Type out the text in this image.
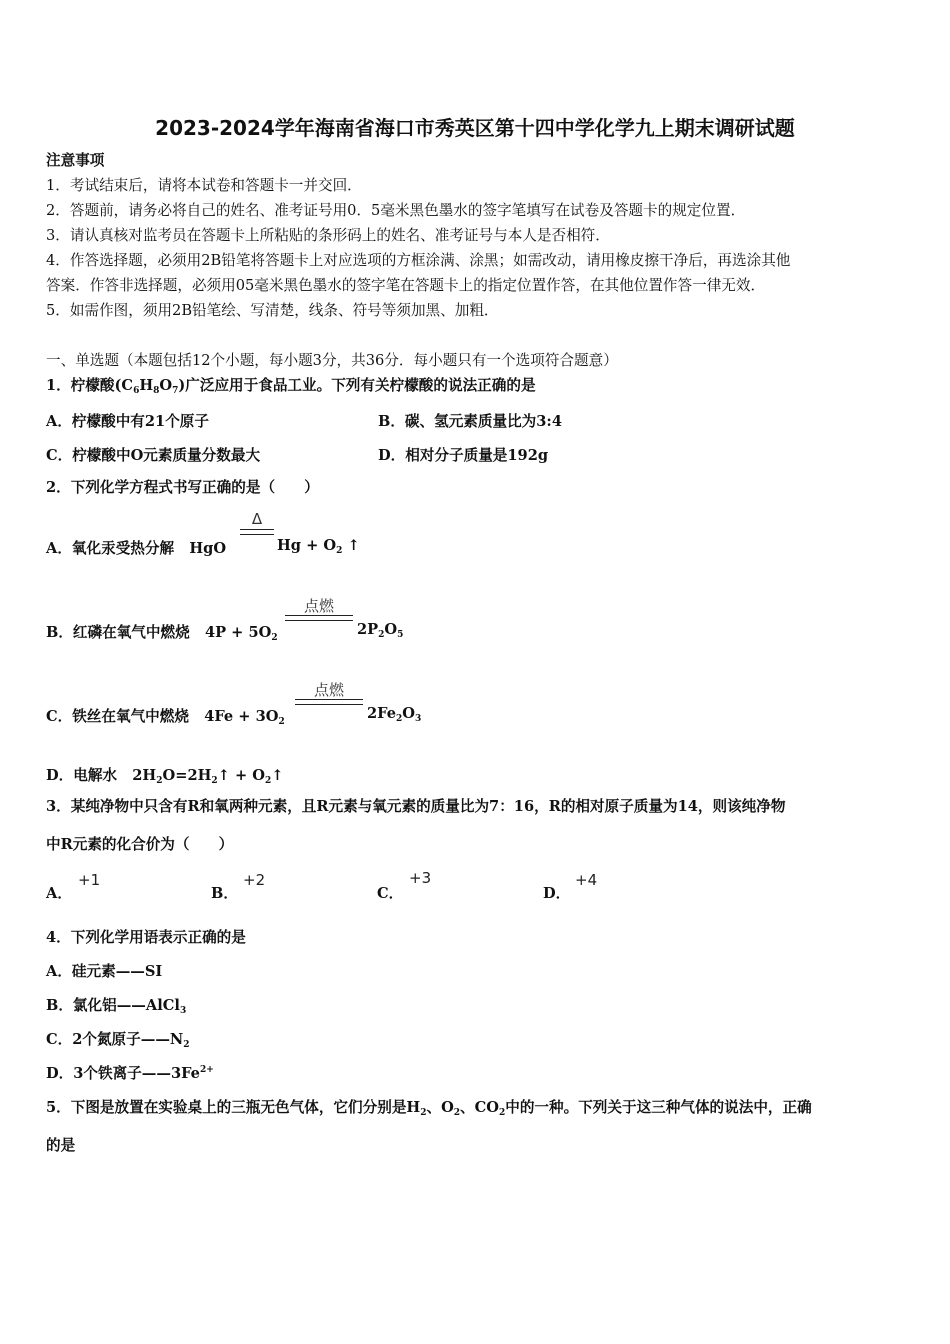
2023-2024学年海南省海口市秀英区第十四中学化学九上期末调研试题
注意事项
1．考试结束后，请将本试卷和答题卡一并交回．
2．答题前，请务必将自己的姓名、准考证号用0．5毫米黑色墨水的签字笔填写在试卷及答题卡的规定位置．
3．请认真核对监考员在答题卡上所粘贴的条形码上的姓名、准考证号与本人是否相符．
4．作答选择题，必须用2B铅笔将答题卡上对应选项的方框涂满、涂黑；如需改动，请用橡皮擦干净后，再选涂其他
答案．作答非选择题，必须用05毫米黑色墨水的签字笔在答题卡上的指定位置作答，在其他位置作答一律无效．
5．如需作图，须用2B铅笔绘、写清楚，线条、符号等须加黑、加粗．
一、单选题（本题包括12个小题，每小题3分，共36分．每小题只有一个选项符合题意）
1．柠檬酸$(C_6H_8O_7)$广泛应用于食品工业。下列有关柠檬酸的说法正确的是
A．柠檬酸中有21个原子	B．碳、氢元素质量比为3:4
C．柠檬酸中O元素质量分数最大	D．相对分子质量是192g
2．下列化学方程式书写正确的是（　　）
A．氧化汞受热分解 HgO
Δ
$Hg + O_2$ ↑
B．红磷在氧气中燃烧 $4P + 5O_2$
点燃
$2P_2O_5$
C．铁丝在氧气中燃烧 $4Fe + 3O_2$
点燃
$2Fe_2O_3$
D．电解水 $2H_2O=2H_2↑$ + $O_2↑$
3．某纯净物中只含有R和氧两种元素，且R元素与氧元素的质量比为7：16，R的相对原子质量为14，则该纯净物
中R元素的化合价为（　　）
A．
+1
B．
+2
C．
+3
D．
+4
4．下列化学用语表示正确的是
A．硅元素——SI
B．氯化铝——AlCl$_3$
C．2个氮原子$——N_2$
D．3个铁离子$——3Fe^{2+}$
5．下图是放置在实验桌上的三瓶无色气体，它们分别是$H_2$、$O_2$、$CO_2$中的一种。下列关于这三种气体的说法中，正确
的是
